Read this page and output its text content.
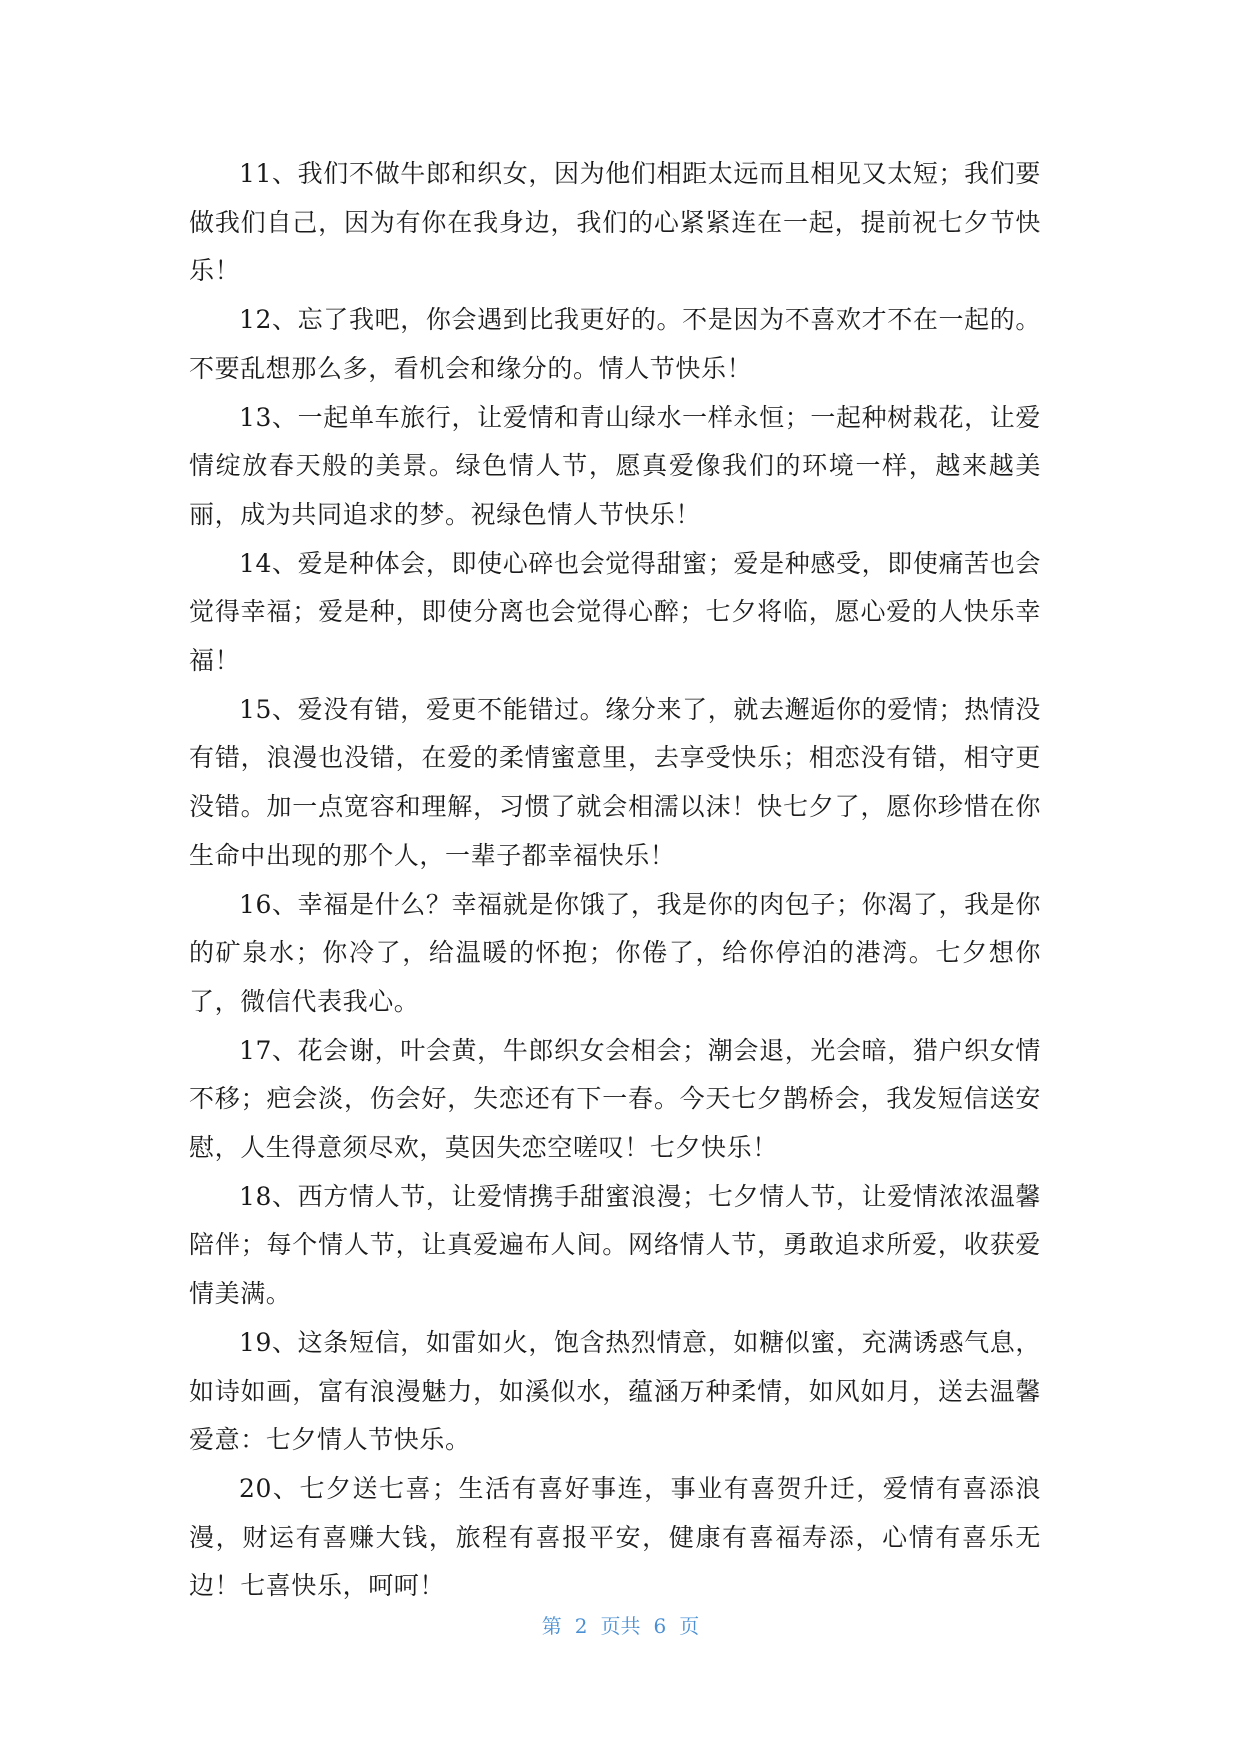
11、我们不做牛郎和织女，因为他们相距太远而且相见又太短；我们要做我们自己，因为有你在我身边，我们的心紧紧连在一起，提前祝七夕节快乐！

12、忘了我吧，你会遇到比我更好的。不是因为不喜欢才不在一起的。不要乱想那么多，看机会和缘分的。情人节快乐！

13、一起单车旅行，让爱情和青山绿水一样永恒；一起种树栽花，让爱情绽放春天般的美景。绿色情人节，愿真爱像我们的环境一样，越来越美丽，成为共同追求的梦。祝绿色情人节快乐！

14、爱是种体会，即使心碎也会觉得甜蜜；爱是种感受，即使痛苦也会觉得幸福；爱是种，即使分离也会觉得心醉；七夕将临，愿心爱的人快乐幸福！

15、爱没有错，爱更不能错过。缘分来了，就去邂逅你的爱情；热情没有错，浪漫也没错，在爱的柔情蜜意里，去享受快乐；相恋没有错，相守更没错。加一点宽容和理解，习惯了就会相濡以沫！快七夕了，愿你珍惜在你生命中出现的那个人，一辈子都幸福快乐！

16、幸福是什么？幸福就是你饿了，我是你的肉包子；你渴了，我是你的矿泉水；你冷了，给温暖的怀抱；你倦了，给你停泊的港湾。七夕想你了，微信代表我心。

17、花会谢，叶会黄，牛郎织女会相会；潮会退，光会暗，猎户织女情不移；疤会淡，伤会好，失恋还有下一春。今天七夕鹊桥会，我发短信送安慰，人生得意须尽欢，莫因失恋空嗟叹！七夕快乐！

18、西方情人节，让爱情携手甜蜜浪漫；七夕情人节，让爱情浓浓温馨陪伴；每个情人节，让真爱遍布人间。网络情人节，勇敢追求所爱，收获爱情美满。

19、这条短信，如雷如火，饱含热烈情意，如糖似蜜，充满诱惑气息，如诗如画，富有浪漫魅力，如溪似水，蕴涵万种柔情，如风如月，送去温馨爱意：七夕情人节快乐。

20、七夕送七喜；生活有喜好事连，事业有喜贺升迁，爱情有喜添浪漫，财运有喜赚大钱，旅程有喜报平安，健康有喜福寿添，心情有喜乐无边！七喜快乐，呵呵！

第 2 页共 6 页
